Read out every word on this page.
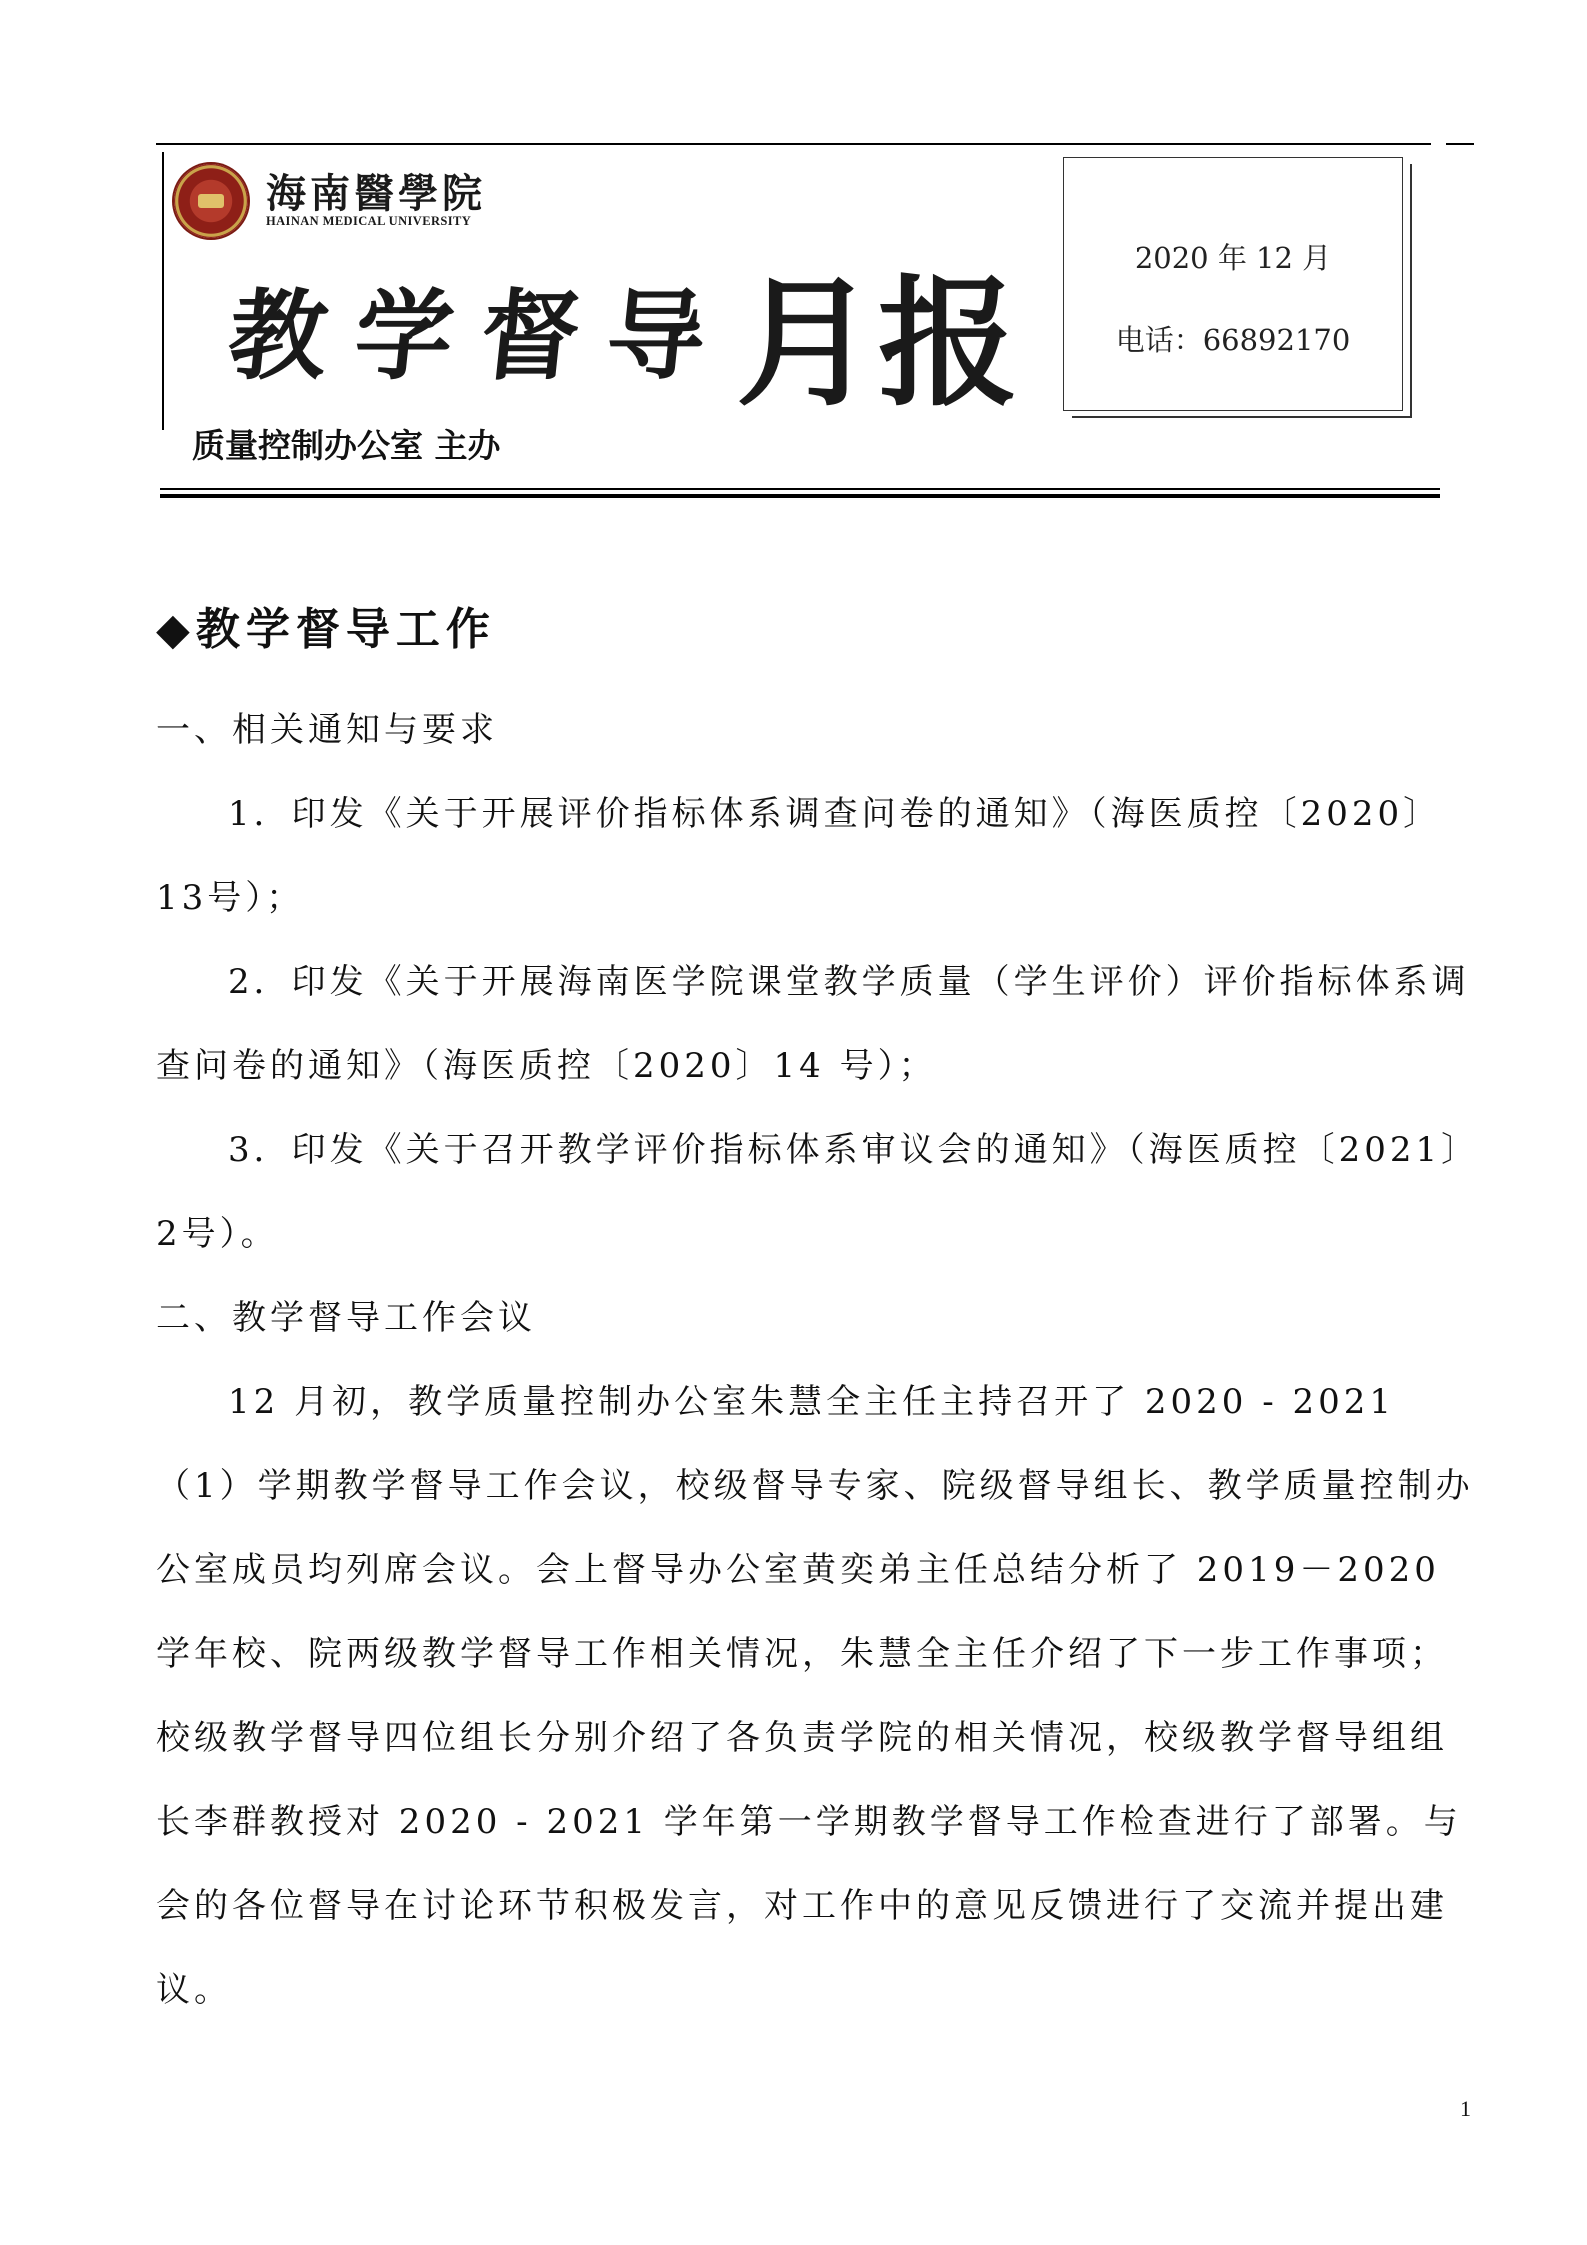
海南醫學院
HAINAN MEDICAL UNIVERSITY
教学督导
月报
2020 年 12 月
电话：66892170
质量控制办公室 主办
◆教学督导工作

一、相关通知与要求

1．印发《关于开展评价指标体系调查问卷的通知》（海医质控〔2020〕13号）；

2．印发《关于开展海南医学院课堂教学质量（学生评价）评价指标体系调查问卷的通知》（海医质控〔2020〕14 号）；

3．印发《关于召开教学评价指标体系审议会的通知》（海医质控〔2021〕2号）。

二、教学督导工作会议

12 月初，教学质量控制办公室朱慧全主任主持召开了 2020 - 2021（1）学期教学督导工作会议，校级督导专家、院级督导组长、教学质量控制办公室成员均列席会议。会上督导办公室黄奕弟主任总结分析了 2019－2020 学年校、院两级教学督导工作相关情况，朱慧全主任介绍了下一步工作事项；校级教学督导四位组长分别介绍了各负责学院的相关情况，校级教学督导组组长李群教授对 2020 - 2021 学年第一学期教学督导工作检查进行了部署。与会的各位督导在讨论环节积极发言，对工作中的意见反馈进行了交流并提出建议。

1
